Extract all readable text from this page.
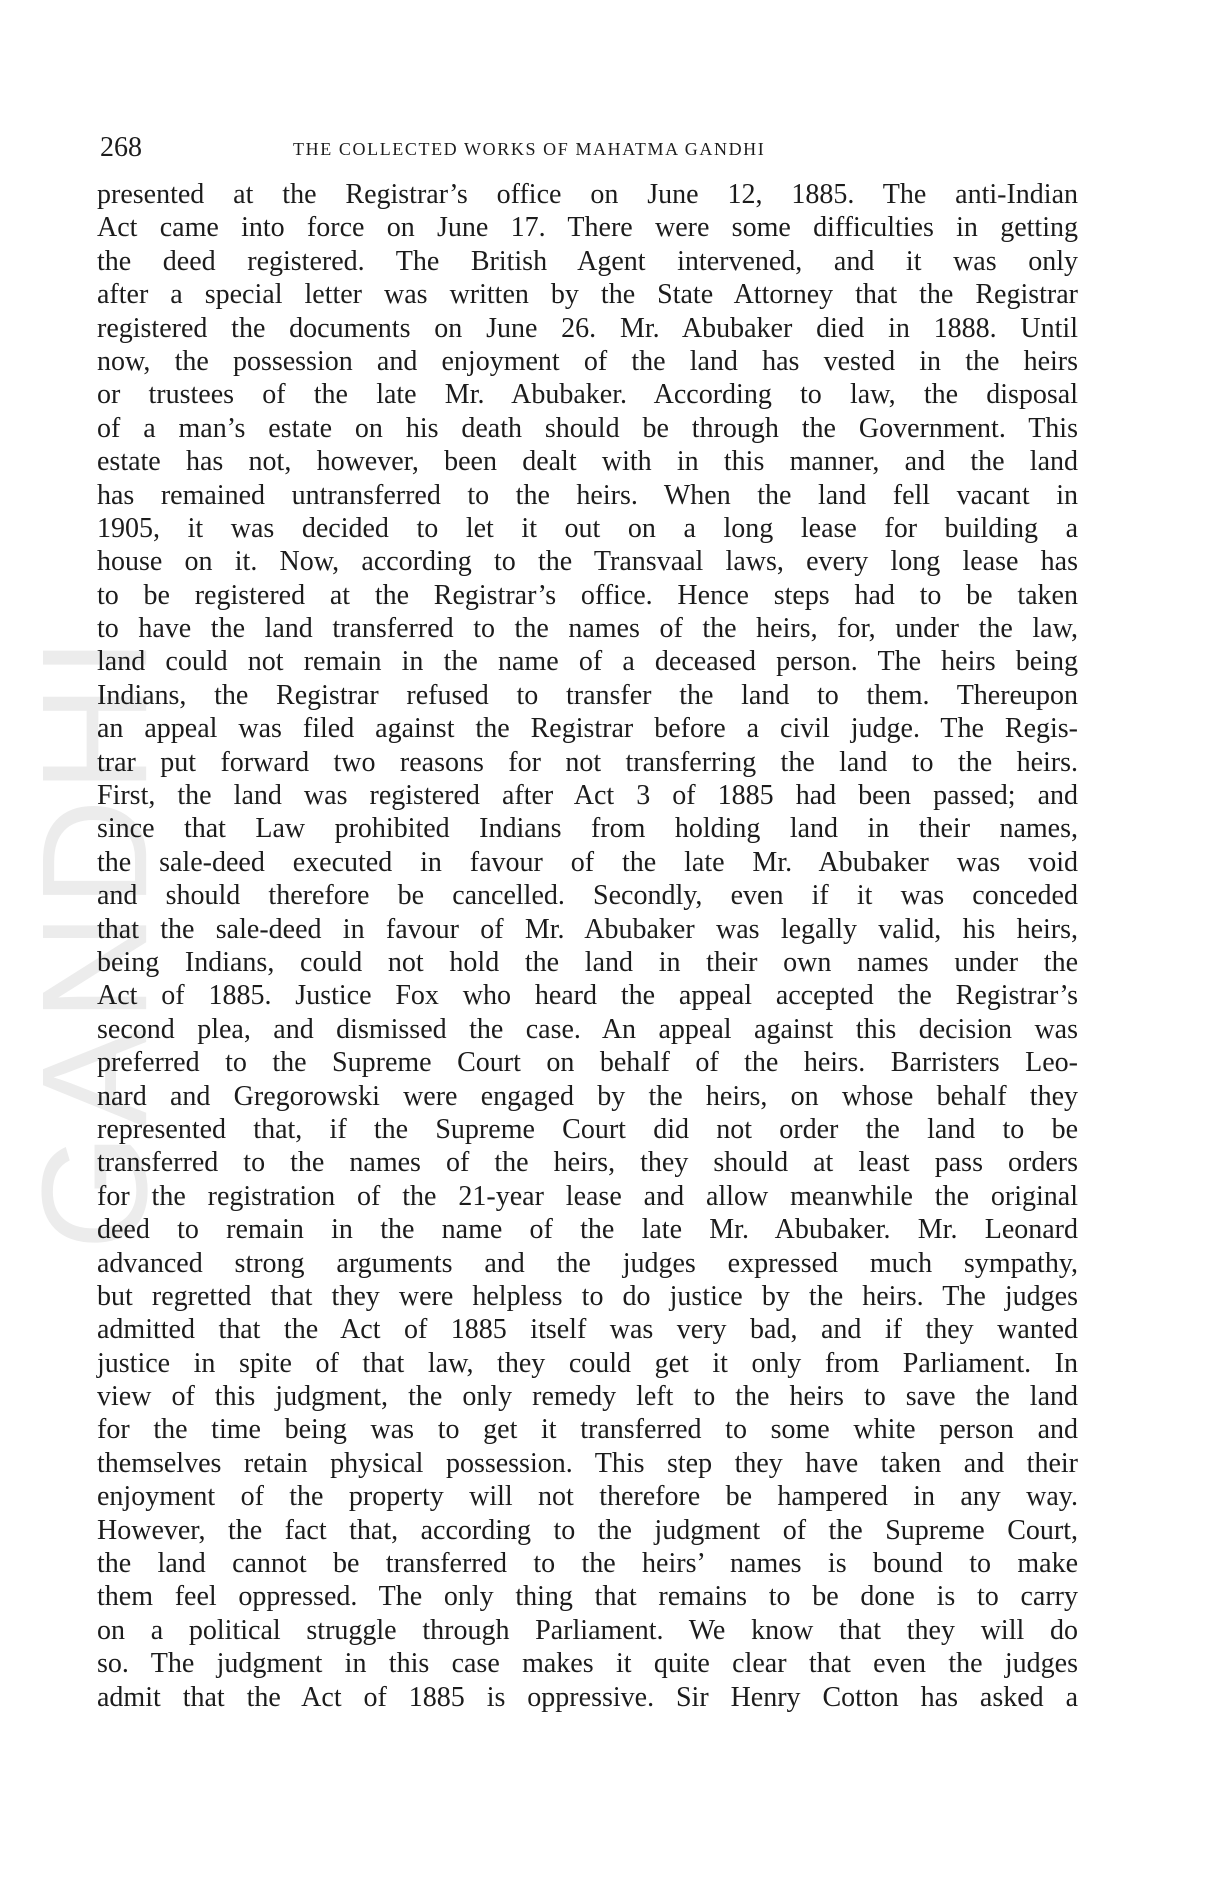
GANDHI
268	THE COLLECTED WORKS OF MAHATMA GANDHI
presented at the Registrar’s office on June 12, 1885. The anti-Indian
Act came into force on June 17. There were some difficulties in getting
the deed registered. The British Agent intervened, and it was only
after a special letter was written by the State Attorney that the Registrar
registered the documents on June 26. Mr. Abubaker died in 1888. Until
now, the possession and enjoyment of the land has vested in the heirs
or trustees of the late Mr. Abubaker. According to law, the disposal
of a man’s estate on his death should be through the Government. This
estate has not, however, been dealt with in this manner, and the land
has remained untransferred to the heirs. When the land fell vacant in
1905, it was decided to let it out on a long lease for building a
house on it. Now, according to the Transvaal laws, every long lease has
to be registered at the Registrar’s office. Hence steps had to be taken
to have the land transferred to the names of the heirs, for, under the law,
land could not remain in the name of a deceased person. The heirs being
Indians, the Registrar refused to transfer the land to them. Thereupon
an appeal was filed against the Registrar before a civil judge. The Regis-
trar put forward two reasons for not transferring the land to the heirs.
First, the land was registered after Act 3 of 1885 had been passed; and
since that Law prohibited Indians from holding land in their names,
the sale-deed executed in favour of the late Mr. Abubaker was void
and should therefore be cancelled. Secondly, even if it was conceded
that the sale-deed in favour of Mr. Abubaker was legally valid, his heirs,
being Indians, could not hold the land in their own names under the
Act of 1885. Justice Fox who heard the appeal accepted the Registrar’s
second plea, and dismissed the case. An appeal against this decision was
preferred to the Supreme Court on behalf of the heirs. Barristers Leo-
nard and Gregorowski were engaged by the heirs, on whose behalf they
represented that, if the Supreme Court did not order the land to be
transferred to the names of the heirs, they should at least pass orders
for the registration of the 21-year lease and allow meanwhile the original
deed to remain in the name of the late Mr. Abubaker. Mr. Leonard
advanced strong arguments and the judges expressed much sympathy,
but regretted that they were helpless to do justice by the heirs. The judges
admitted that the Act of 1885 itself was very bad, and if they wanted
justice in spite of that law, they could get it only from Parliament. In
view of this judgment, the only remedy left to the heirs to save the land
for the time being was to get it transferred to some white person and
themselves retain physical possession. This step they have taken and their
enjoyment of the property will not therefore be hampered in any way.
However, the fact that, according to the judgment of the Supreme Court,
the land cannot be transferred to the heirs’ names is bound to make
them feel oppressed. The only thing that remains to be done is to carry
on a political struggle through Parliament. We know that they will do
so. The judgment in this case makes it quite clear that even the judges
admit that the Act of 1885 is oppressive. Sir Henry Cotton has asked a
